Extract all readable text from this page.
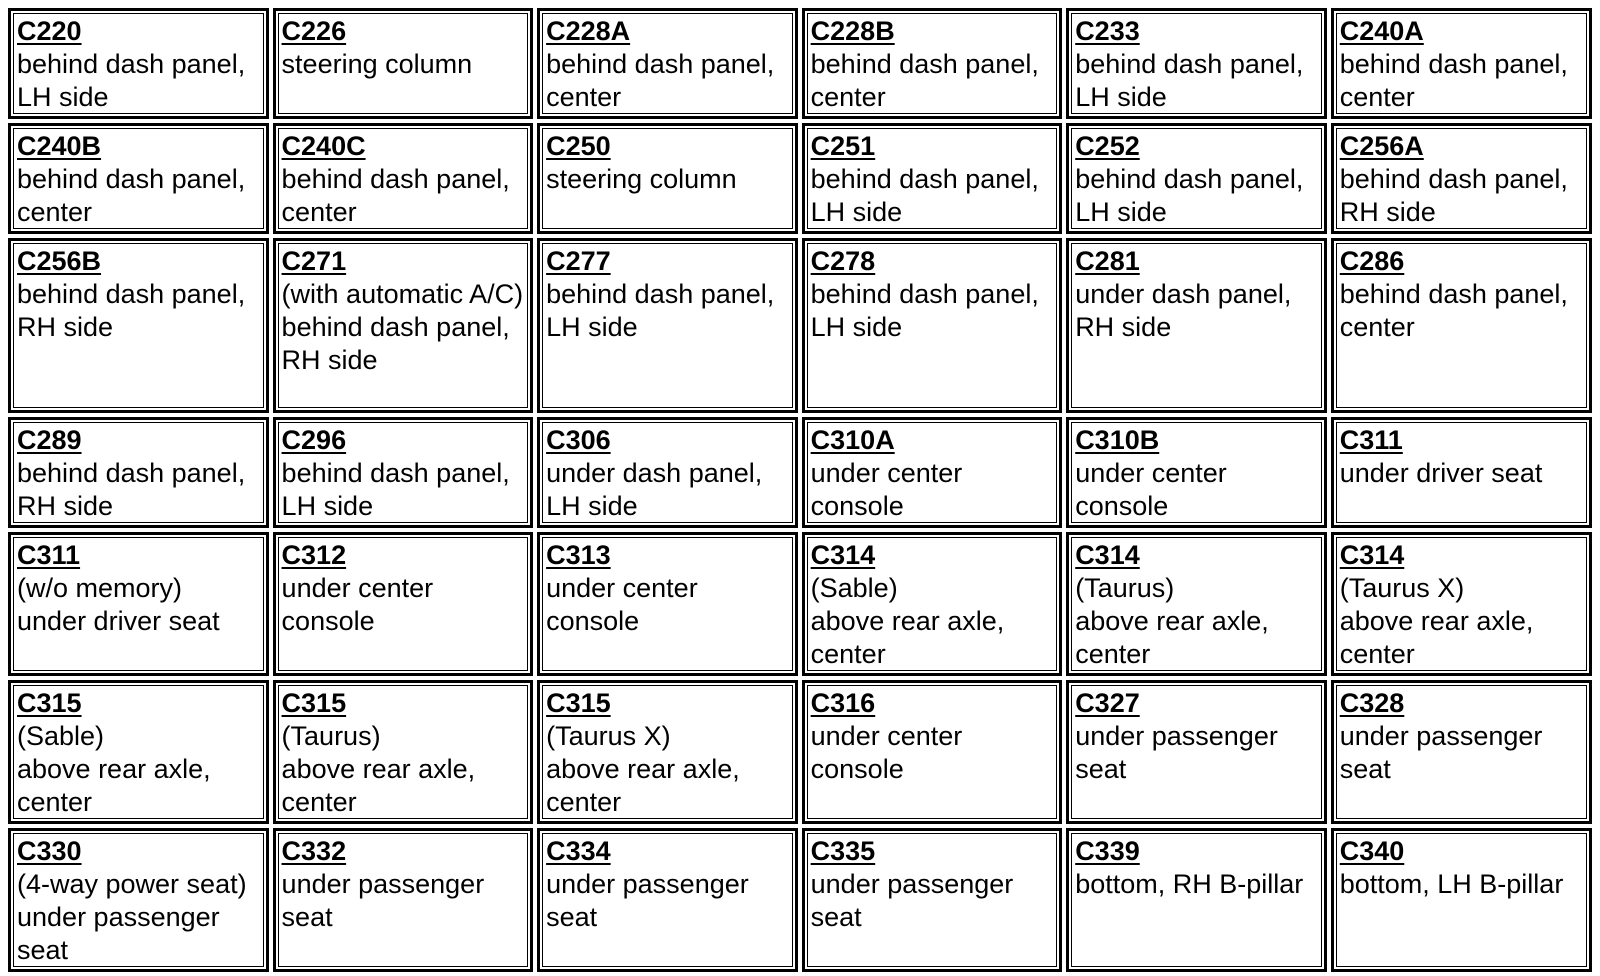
C220
behind dash panel, LH side	C226
steering column	C228A
behind dash panel, center	C228B
behind dash panel, center	C233
behind dash panel, LH side	C240A
behind dash panel, center

C240B
behind dash panel, center	C240C
behind dash panel, center	C250
steering column	C251
behind dash panel, LH side	C252
behind dash panel, LH side	C256A
behind dash panel, RH side

C256B
behind dash panel, RH side	C271
(with automatic A/C)
behind dash panel, RH side	C277
behind dash panel, LH side	C278
behind dash panel, LH side	C281
under dash panel, RH side	C286
behind dash panel, center

C289
behind dash panel, RH side	C296
behind dash panel, LH side	C306
under dash panel, LH side	C310A
under center console	C310B
under center console	C311
under driver seat

C311
(w/o memory)
under driver seat	C312
under center console	C313
under center console	C314
(Sable)
above rear axle, center	C314
(Taurus)
above rear axle, center	C314
(Taurus X)
above rear axle, center

C315
(Sable)
above rear axle, center	C315
(Taurus)
above rear axle, center	C315
(Taurus X)
above rear axle, center	C316
under center console	C327
under passenger seat	C328
under passenger seat

C330
(4-way power seat)
under passenger seat	C332
under passenger seat	C334
under passenger seat	C335
under passenger seat	C339
bottom, RH B-pillar	C340
bottom, LH B-pillar
